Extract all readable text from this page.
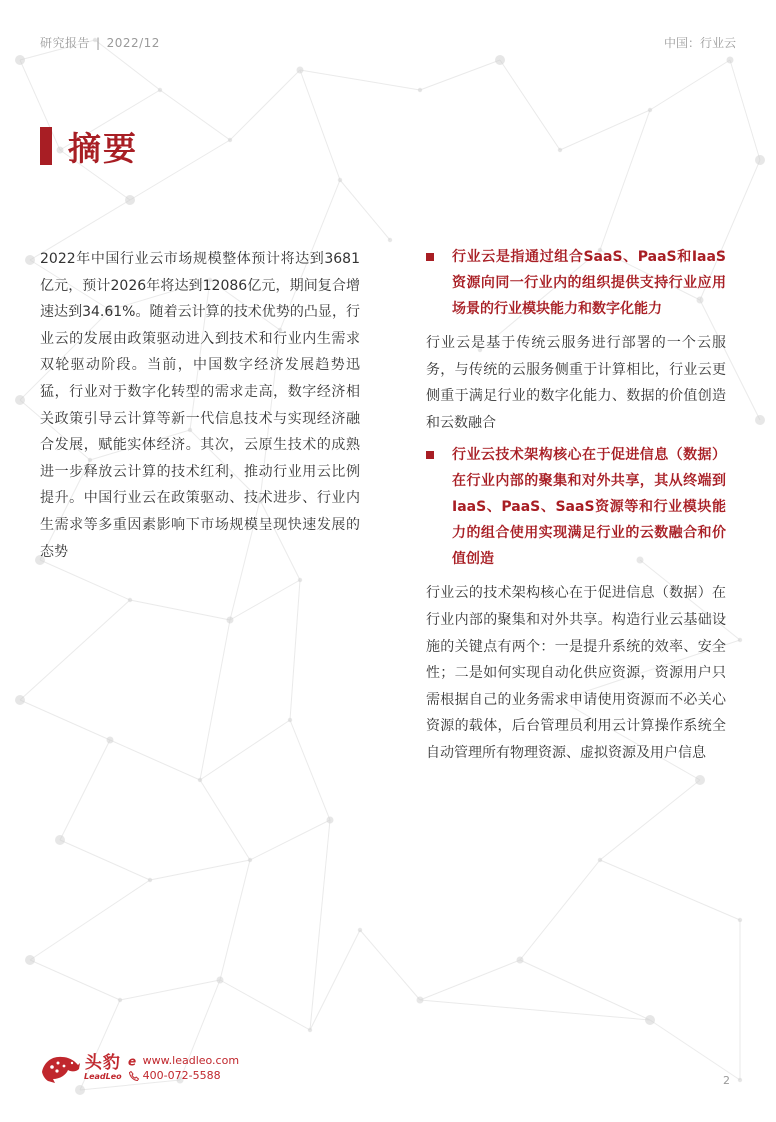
研究报告 | 2022/12	中国：行业云
摘要
2022年中国行业云市场规模整体预计将达到3681亿元，预计2026年将达到12086亿元，期间复合增速达到34.61%。随着云计算的技术优势的凸显，行业云的发展由政策驱动进入到技术和行业内生需求双轮驱动阶段。当前，中国数字经济发展趋势迅猛，行业对于数字化转型的需求走高，数字经济相关政策引导云计算等新一代信息技术与实现经济融合发展，赋能实体经济。其次，云原生技术的成熟进一步释放云计算的技术红利，推动行业用云比例提升。中国行业云在政策驱动、技术进步、行业内生需求等多重因素影响下市场规模呈现快速发展的态势
行业云是指通过组合SaaS、PaaS和IaaS资源向同一行业内的组织提供支持行业应用场景的行业模块能力和数字化能力
行业云是基于传统云服务进行部署的一个云服务，与传统的云服务侧重于计算相比，行业云更侧重于满足行业的数字化能力、数据的价值创造和云数融合
行业云技术架构核心在于促进信息（数据）在行业内部的聚集和对外共享，其从终端到IaaS、PaaS、SaaS资源等和行业模块能力的组合使用实现满足行业的云数融合和价值创造
行业云的技术架构核心在于促进信息（数据）在行业内部的聚集和对外共享。构造行业云基础设施的关键点有两个：一是提升系统的效率、安全性；二是如何实现自动化供应资源，资源用户只需根据自己的业务需求申请使用资源而不必关心资源的载体，后台管理员利用云计算操作系统全自动管理所有物理资源、虚拟资源及用户信息
头豹
LeadLeo
e www.leadleo.com
400-072-5588	2
